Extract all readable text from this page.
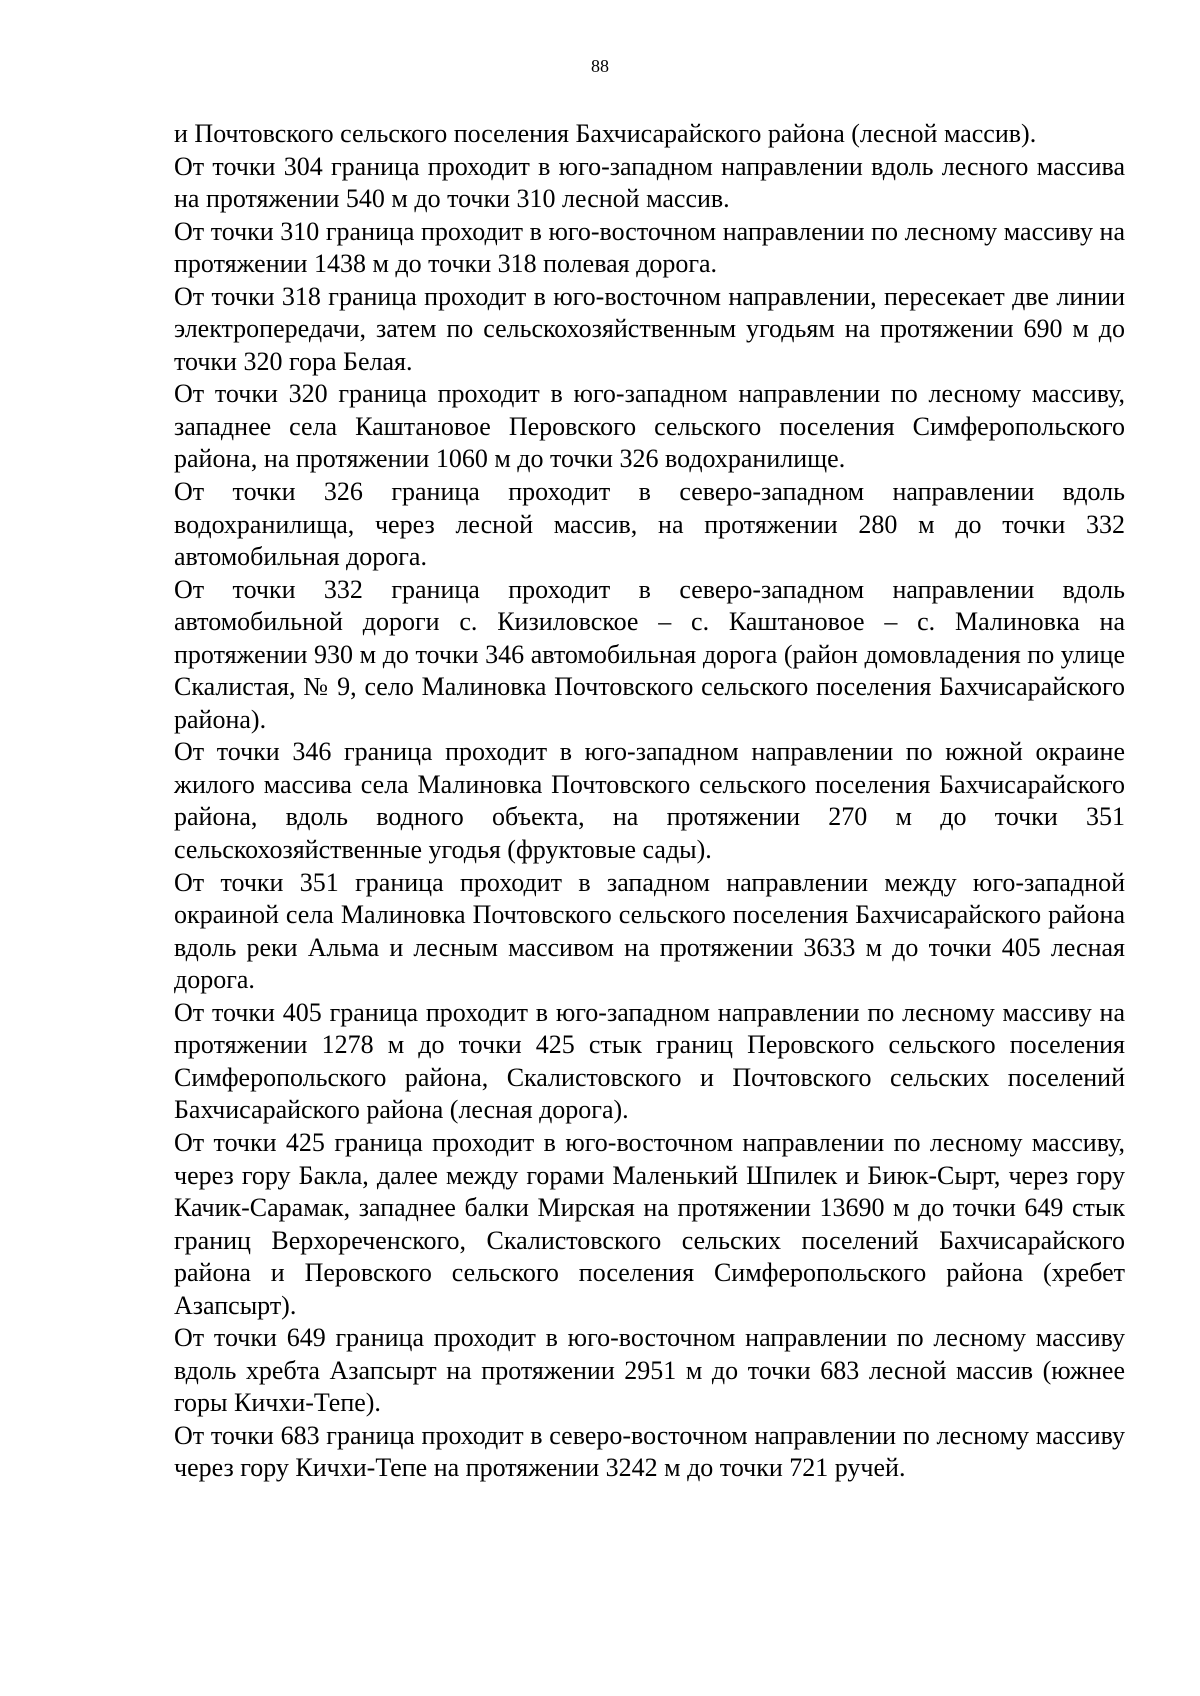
88

и Почтовского сельского поселения Бахчисарайского района (лесной массив).

От точки 304 граница проходит в юго-западном направлении вдоль лесного массива на протяжении 540 м до точки 310 лесной массив.

От точки 310 граница проходит в юго-восточном направлении по лесному массиву на протяжении 1438 м до точки 318 полевая дорога.

От точки 318 граница проходит в юго-восточном направлении, пересекает две линии электропередачи, затем по сельскохозяйственным угодьям на протяжении 690 м до точки 320 гора Белая.

От точки 320 граница проходит в юго-западном направлении по лесному массиву, западнее села Каштановое Перовского сельского поселения Симферопольского района, на протяжении 1060 м до точки 326 водохранилище.

От точки 326 граница проходит в северо-западном направлении вдоль водохранилища, через лесной массив, на протяжении 280 м до точки 332 автомобильная дорога.

От точки 332 граница проходит в северо-западном направлении вдоль автомобильной дороги с. Кизиловское – с. Каштановое – с. Малиновка на протяжении 930 м до точки 346 автомобильная дорога (район домовладения по улице Скалистая, № 9, село Малиновка Почтовского сельского поселения Бахчисарайского района).

От точки 346 граница проходит в юго-западном направлении по южной окраине жилого массива села Малиновка Почтовского сельского поселения Бахчисарайского района, вдоль водного объекта, на протяжении 270 м до точки 351 сельскохозяйственные угодья (фруктовые сады).

От точки 351 граница проходит в западном направлении между юго-западной окраиной села Малиновка Почтовского сельского поселения Бахчисарайского района вдоль реки Альма и лесным массивом на протяжении 3633 м до точки 405 лесная дорога.

От точки 405 граница проходит в юго-западном направлении по лесному массиву на протяжении 1278 м до точки 425 стык границ Перовского сельского поселения Симферопольского района, Скалистовского и Почтовского сельских поселений Бахчисарайского района (лесная дорога).

От точки 425 граница проходит в юго-восточном направлении по лесному массиву, через гору Бакла, далее между горами Маленький Шпилек и Биюк-Сырт, через гору Качик-Сарамак, западнее балки Мирская на протяжении 13690 м до точки 649 стык границ Верхореченского, Скалистовского сельских поселений Бахчисарайского района и Перовского сельского поселения Симферопольского района (хребет Азапсырт).

От точки 649 граница проходит в юго-восточном направлении по лесному массиву вдоль хребта Азапсырт на протяжении 2951 м до точки 683 лесной массив (южнее горы Кичхи-Тепе).

От точки 683 граница проходит в северо-восточном направлении по лесному массиву через гору Кичхи-Тепе на протяжении 3242 м до точки 721 ручей.
